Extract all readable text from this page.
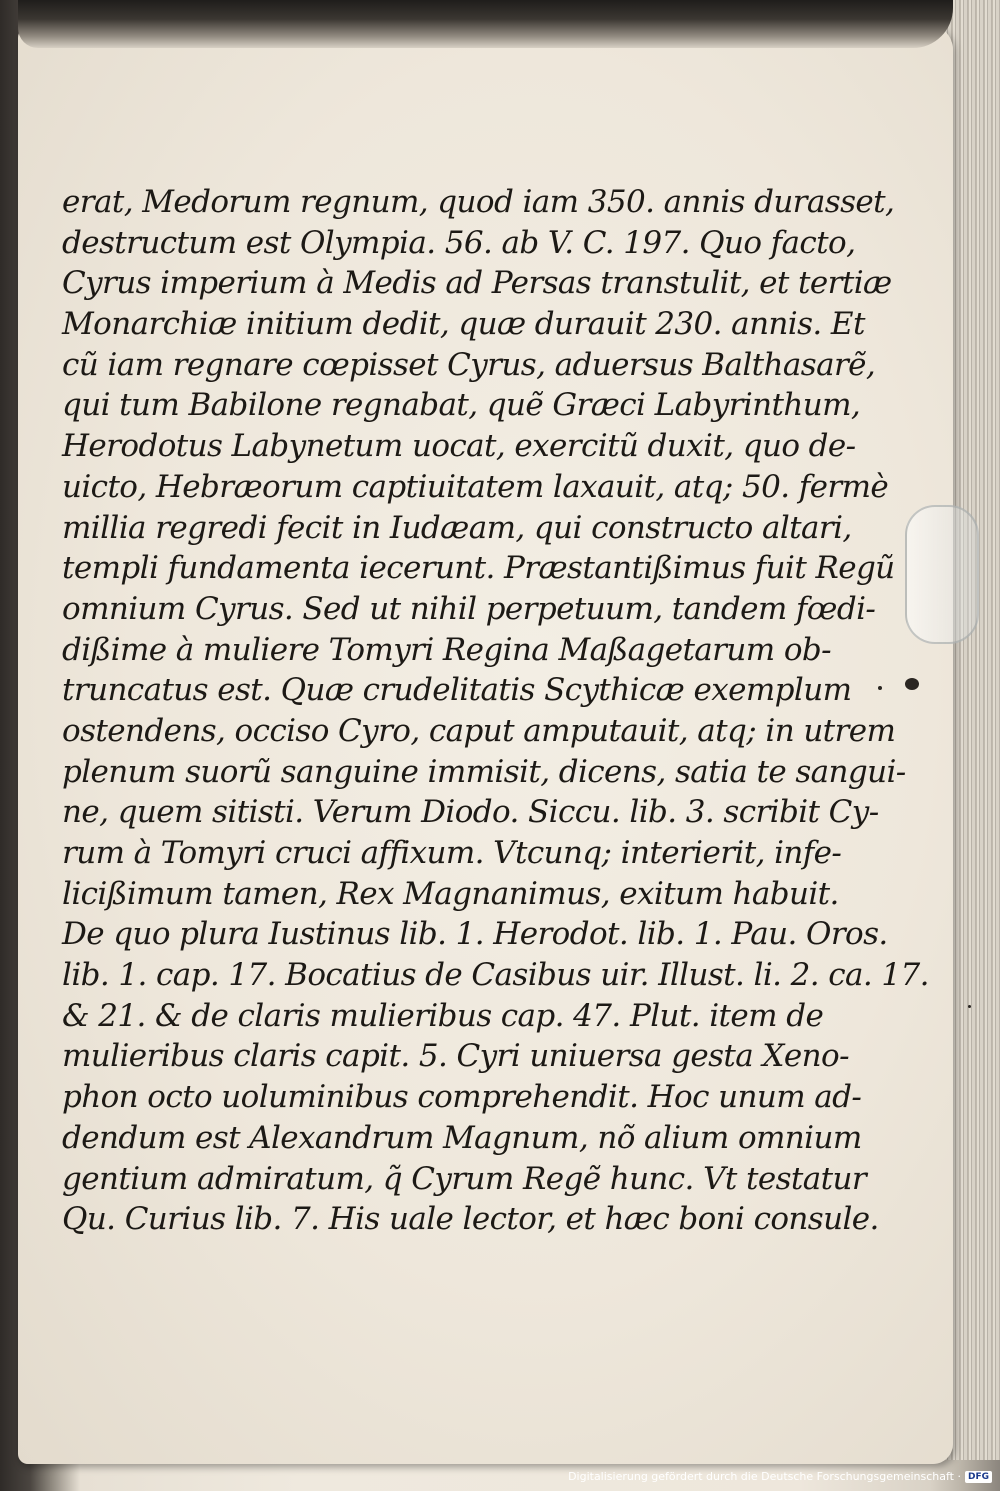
erat, Medorum regnum, quod iam 350. annis durasset,
destructum est Olympia. 56. ab V. C. 197. Quo facto,
Cyrus imperium à Medis ad Persas transtulit, et tertiæ
Monarchiæ initium dedit, quæ durauit 230. annis. Et
cũ iam regnare cœpisset Cyrus, aduersus Balthasarẽ,
qui tum Babilone regnabat, quẽ Græci Labyrinthum,
Herodotus Labynetum uocat, exercitũ duxit, quo de-
uicto, Hebræorum captiuitatem laxauit, atq; 50. fermè
millia regredi fecit in Iudæam, qui constructo altari,
templi fundamenta iecerunt. Præstantißimus fuit Regũ
omnium Cyrus. Sed ut nihil perpetuum, tandem fœdi-
dißime à muliere Tomyri Regina Maßagetarum ob-
truncatus est. Quæ crudelitatis Scythicæ exemplum
ostendens, occiso Cyro, caput amputauit, atq; in utrem
plenum suorũ sanguine immisit, dicens, satia te sangui-
ne, quem sitisti. Verum Diodo. Siccu. lib. 3. scribit Cy-
rum à Tomyri cruci affixum. Vtcunq; interierit, infe-
licißimum tamen, Rex Magnanimus, exitum habuit.
De quo plura Iustinus lib. 1. Herodot. lib. 1. Pau. Oros.
lib. 1. cap. 17. Bocatius de Casibus uir. Illust. li. 2. ca. 17.
& 21. & de claris mulieribus cap. 47. Plut. item de
mulieribus claris capit. 5. Cyri uniuersa gesta Xeno-
phon octo uoluminibus comprehendit. Hoc unum ad-
dendum est Alexandrum Magnum, nõ alium omnium
gentium admiratum, q̃ Cyrum Regẽ hunc. Vt testatur
Qu. Curius lib. 7. His uale lector, et hæc boni consule.
Digitalisierung gefördert durch die Deutsche Forschungsgemeinschaft · DFG
